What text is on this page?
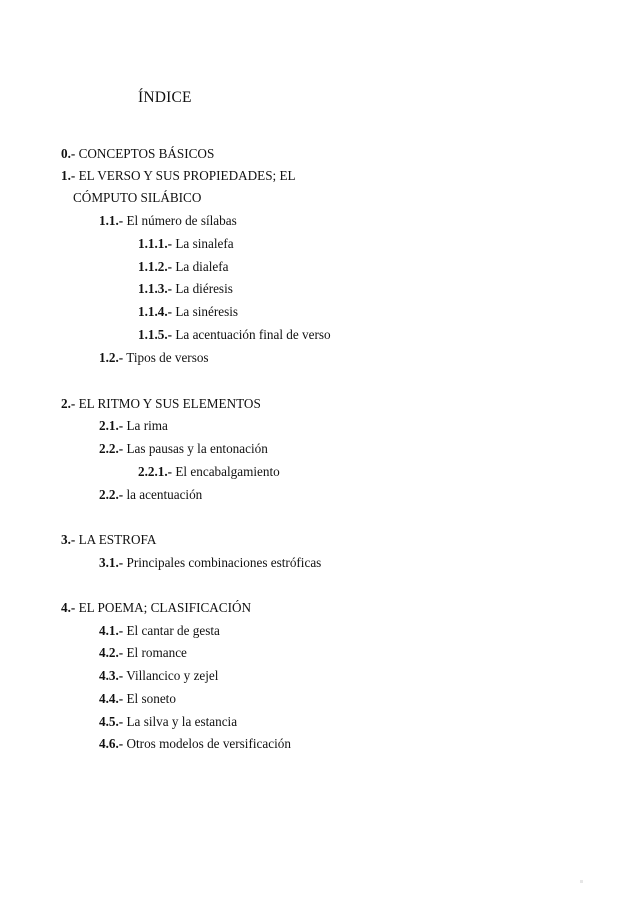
ÍNDICE
0.- CONCEPTOS BÁSICOS
1.- EL VERSO Y SUS PROPIEDADES; EL
CÓMPUTO SILÁBICO
1.1.- El número de sílabas
1.1.1.- La sinalefa
1.1.2.- La dialefa
1.1.3.- La diéresis
1.1.4.- La sinéresis
1.1.5.- La acentuación final de verso
1.2.- Tipos de versos
2.- EL RITMO Y SUS ELEMENTOS
2.1.- La rima
2.2.- Las pausas y la entonación
2.2.1.- El encabalgamiento
2.2.- la acentuación
3.- LA ESTROFA
3.1.- Principales combinaciones estróficas
4.- EL POEMA; CLASIFICACIÓN
4.1.- El cantar de gesta
4.2.- El romance
4.3.- Villancico y zejel
4.4.- El soneto
4.5.- La silva y la estancia
4.6.- Otros modelos de versificación
